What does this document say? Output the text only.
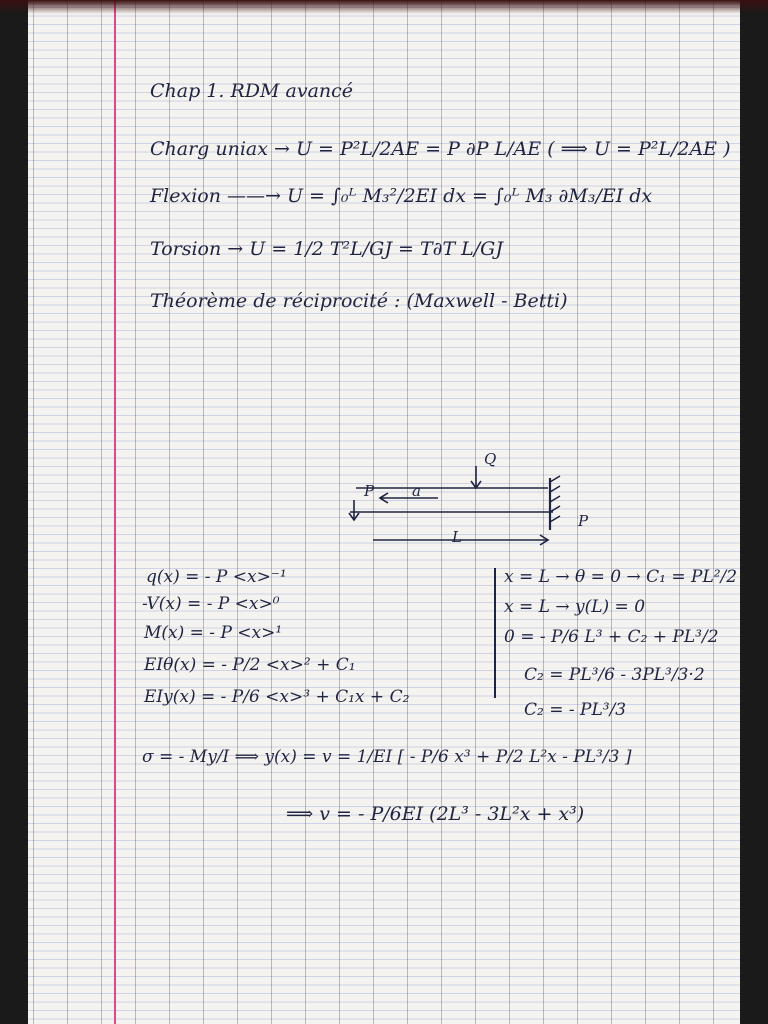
Chap 1. RDM avancé
Charg uniax → U = P²L/2AE = P ∂P L/AE ( ⟹ U = P²L/2AE )
Flexion ——→ U = ∫₀ᴸ M₃²/2EI dx = ∫₀ᴸ M₃ ∂M₃/EI dx
Torsion → U = 1/2 T²L/GJ = T∂T L/GJ
Théorème de réciprocité : (Maxwell - Betti)
Q
P	a
L
P
q(x) = - P <x>⁻¹
-V(x) = - P <x>⁰
M(x) = - P <x>¹
EIθ(x) = - P/2 <x>² + C₁
EIy(x) = - P/6 <x>³ + C₁x + C₂
x = L → θ = 0 → C₁ = PL²/2
x = L → y(L) = 0
0 = - P/6 L³ + C₂ + PL³/2
C₂ = PL³/6 - 3PL³/3·2
C₂ = - PL³/3
σ = - My/I ⟹ y(x) = v = 1/EI [ - P/6 x³ + P/2 L²x - PL³/3 ]
⟹ v = - P/6EI (2L³ - 3L²x + x³)
